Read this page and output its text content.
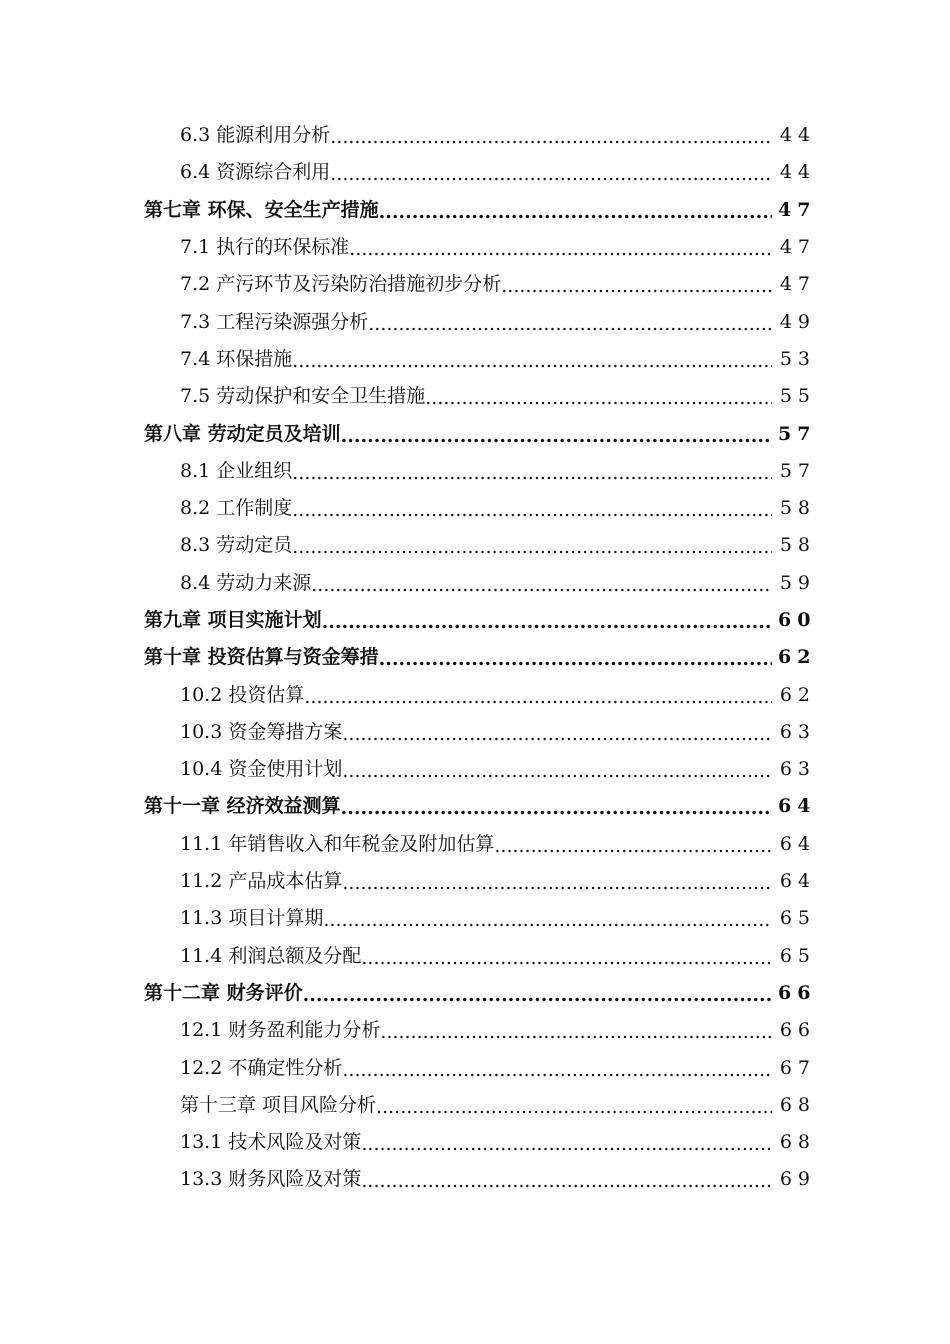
6.3 能源利用分析 .....	44
6.4 资源综合利用 .....	44
第七章 环保、安全生产措施 .....	47
7.1 执行的环保标准 .....	47
7.2 产污环节及污染防治措施初步分析 .....	47
7.3 工程污染源强分析 .....	49
7.4 环保措施 .....	53
7.5 劳动保护和安全卫生措施 .....	55
第八章 劳动定员及培训 .....	57
8.1 企业组织 .....	57
8.2 工作制度 .....	58
8.3 劳动定员 .....	58
8.4 劳动力来源 .....	59
第九章 项目实施计划 .....	60
第十章 投资估算与资金筹措 .....	62
10.2 投资估算 .....	62
10.3 资金筹措方案 .....	63
10.4 资金使用计划 .....	63
第十一章 经济效益测算 .....	64
11.1 年销售收入和年税金及附加估算 .....	64
11.2 产品成本估算 .....	64
11.3 项目计算期 .....	65
11.4 利润总额及分配 .....	65
第十二章 财务评价 .....	66
12.1 财务盈利能力分析 .....	66
12.2 不确定性分析 .....	67
第十三章 项目风险分析 .....	68
13.1 技术风险及对策 .....	68
13.3 财务风险及对策 .....	69
